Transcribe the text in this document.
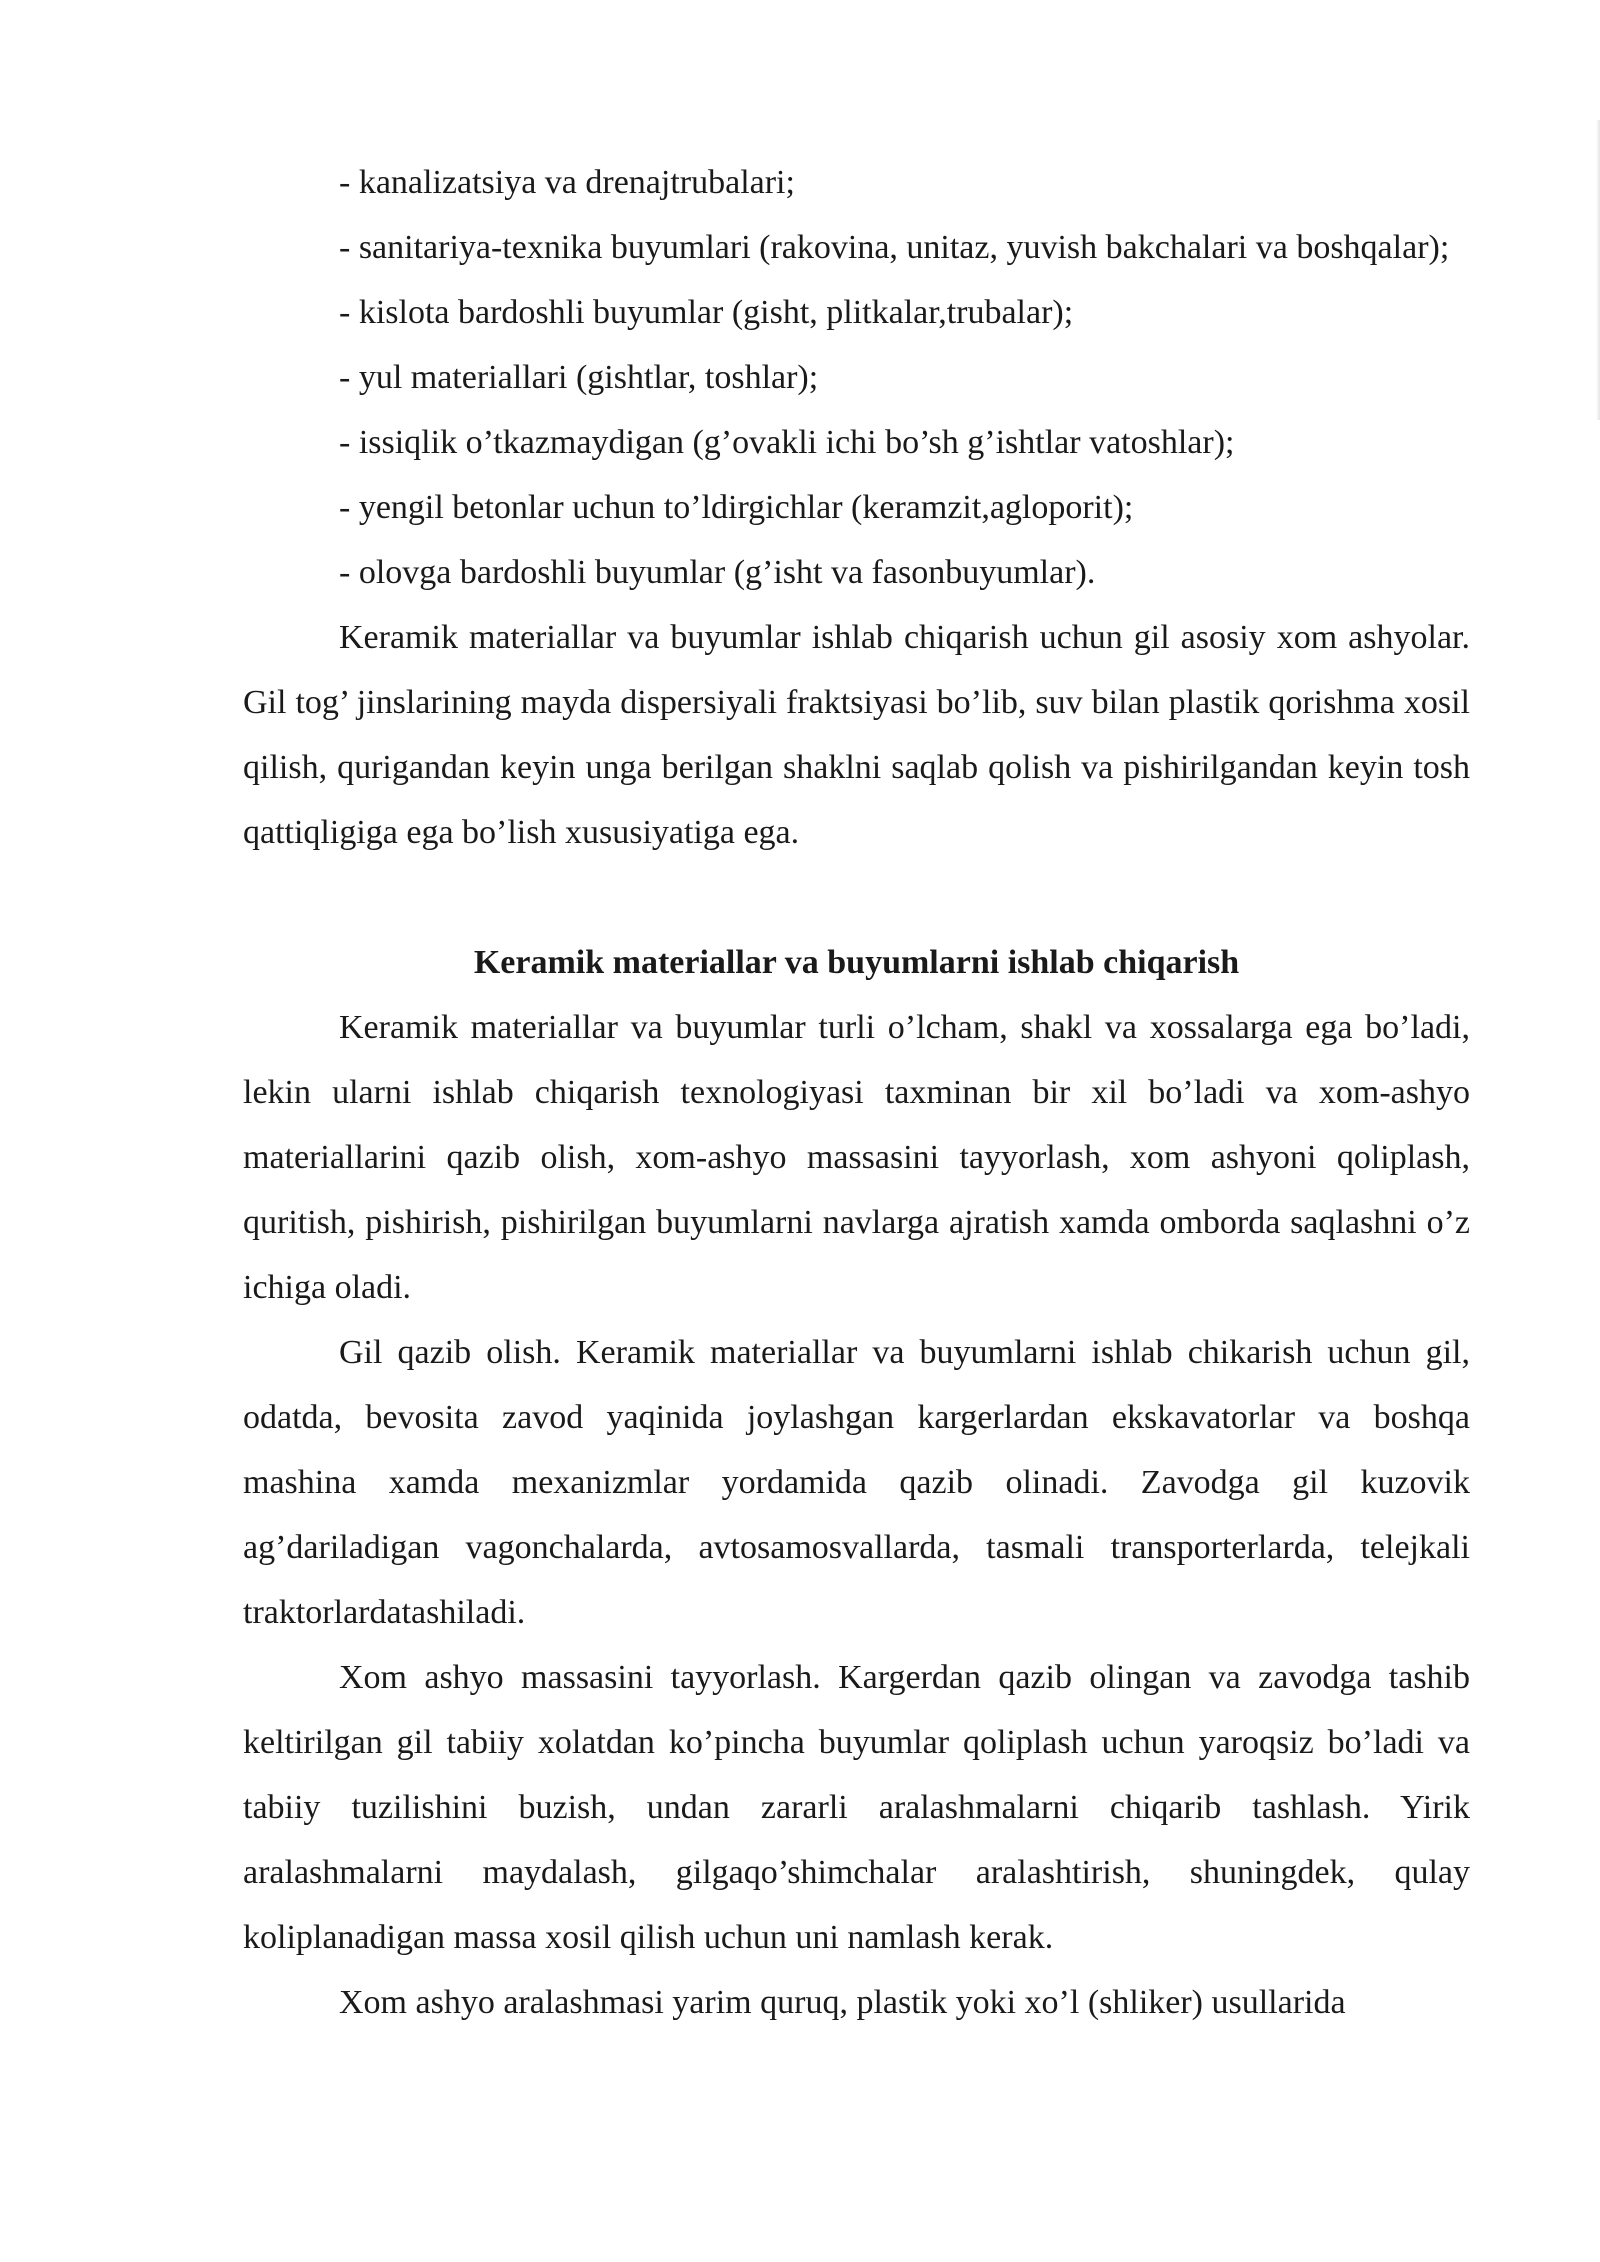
- kanalizatsiya va drenajtrubalari;

- sanitariya-texnika buyumlari (rakovina, unitaz, yuvish bakchalari va boshqalar);

- kislota bardoshli buyumlar (gisht, plitkalar,trubalar);

- yul materiallari (gishtlar, toshlar);

- issiqlik o’tkazmaydigan (g’ovakli ichi bo’sh g’ishtlar vatoshlar);

- yengil betonlar uchun to’ldirgichlar (keramzit,agloporit);

- olovga bardoshli buyumlar (g’isht va fasonbuyumlar).

Keramik materiallar va buyumlar ishlab chiqarish uchun gil asosiy xom ashyolar. Gil tog’ jinslarining mayda dispersiyali fraktsiyasi bo’lib, suv bilan plastik qorishma xosil qilish, qurigandan keyin unga berilgan shaklni saqlab qolish va pishirilgandan keyin tosh qattiqligiga ega bo’lish xususiyatiga ega.

Keramik materiallar va buyumlarni ishlab chiqarish

Keramik materiallar va buyumlar turli o’lcham, shakl va xossalarga ega bo’ladi, lekin ularni ishlab chiqarish texnologiyasi taxminan bir xil bo’ladi va xom-ashyo materiallarini qazib olish, xom-ashyo massasini tayyorlash, xom ashyoni qoliplash, quritish, pishirish, pishirilgan buyumlarni navlarga ajratish xamda omborda saqlashni o’z ichiga oladi.

Gil qazib olish. Keramik materiallar va buyumlarni ishlab chikarish uchun gil, odatda, bevosita zavod yaqinida joylashgan kargerlardan ekskavatorlar va boshqa mashina xamda mexanizmlar yordamida qazib olinadi. Zavodga gil kuzovik ag’dariladigan vagonchalarda, avtosamosvallarda, tasmali transporterlarda, telejkali traktorlardatashiladi.

Xom ashyo massasini tayyorlash. Kargerdan qazib olingan va zavodga tashib keltirilgan gil tabiiy xolatdan ko’pincha buyumlar qoliplash uchun yaroqsiz bo’ladi va tabiiy tuzilishini buzish, undan zararli aralashmalarni chiqarib tashlash. Yirik aralashmalarni maydalash, gilgaqo’shimchalar aralashtirish, shuningdek, qulay koliplanadigan massa xosil qilish uchun uni namlash kerak.

Xom ashyo aralashmasi yarim quruq, plastik yoki xo’l (shliker) usullarida
